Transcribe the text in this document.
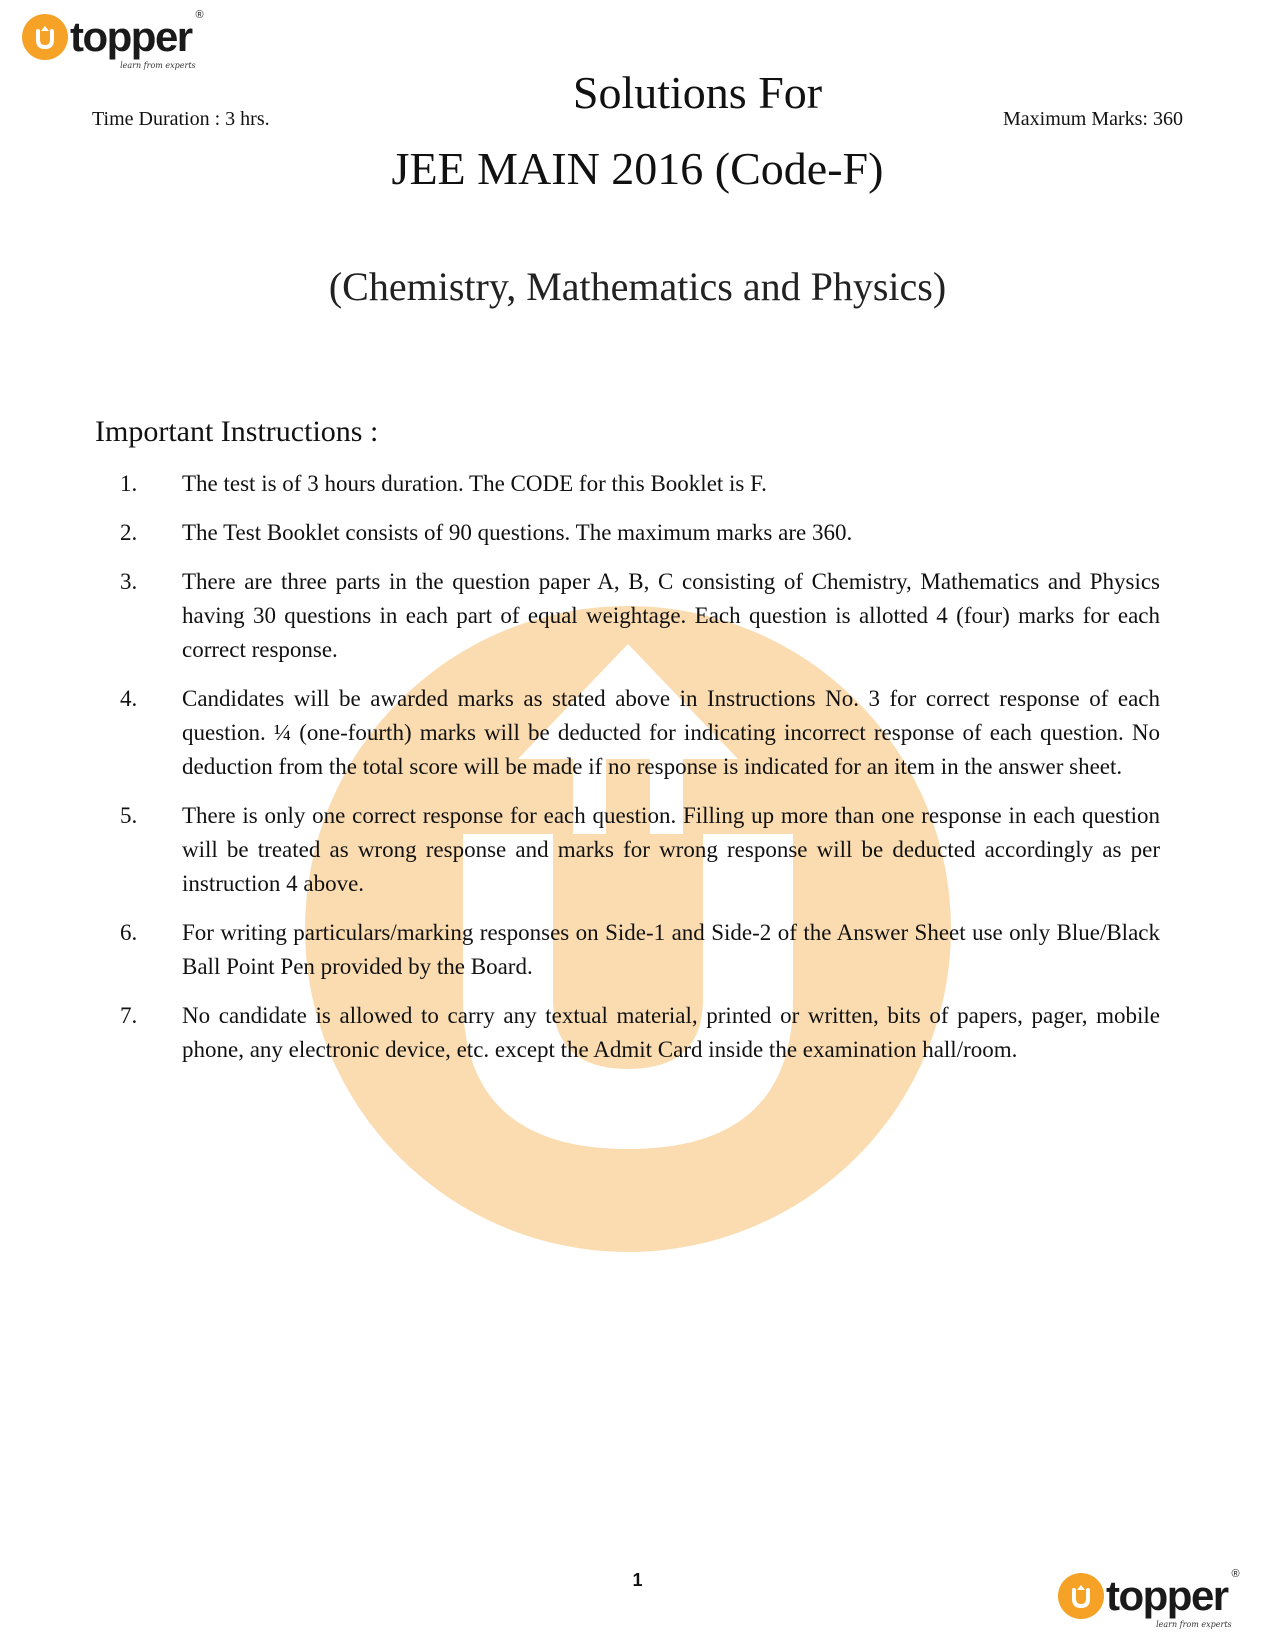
topper ®
learn from experts
Time Duration : 3 hrs.	Maximum Marks: 360
Solutions For
JEE MAIN 2016 (Code-F)
(Chemistry, Mathematics and Physics)
Important Instructions :
1.	The test is of 3 hours duration. The CODE for this Booklet is F.
2.	The Test Booklet consists of 90 questions. The maximum marks are 360.
3.	There are three parts in the question paper A, B, C consisting of Chemistry, Mathematics and Physics having 30 questions in each part of equal weightage. Each question is allotted 4 (four) marks for each correct response.
4.	Candidates will be awarded marks as stated above in Instructions No. 3 for correct response of each question. ¼ (one-fourth) marks will be deducted for indicating incorrect response of each question. No deduction from the total score will be made if no response is indicated for an item in the answer sheet.
5.	There is only one correct response for each question. Filling up more than one response in each question will be treated as wrong response and marks for wrong response will be deducted accordingly as per instruction 4 above.
6.	For writing particulars/marking responses on Side-1 and Side-2 of the Answer Sheet use only Blue/Black Ball Point Pen provided by the Board.
7.	No candidate is allowed to carry any textual material, printed or written, bits of papers, pager, mobile phone, any electronic device, etc. except the Admit Card inside the examination hall/room.
1	topper ®
learn from experts
